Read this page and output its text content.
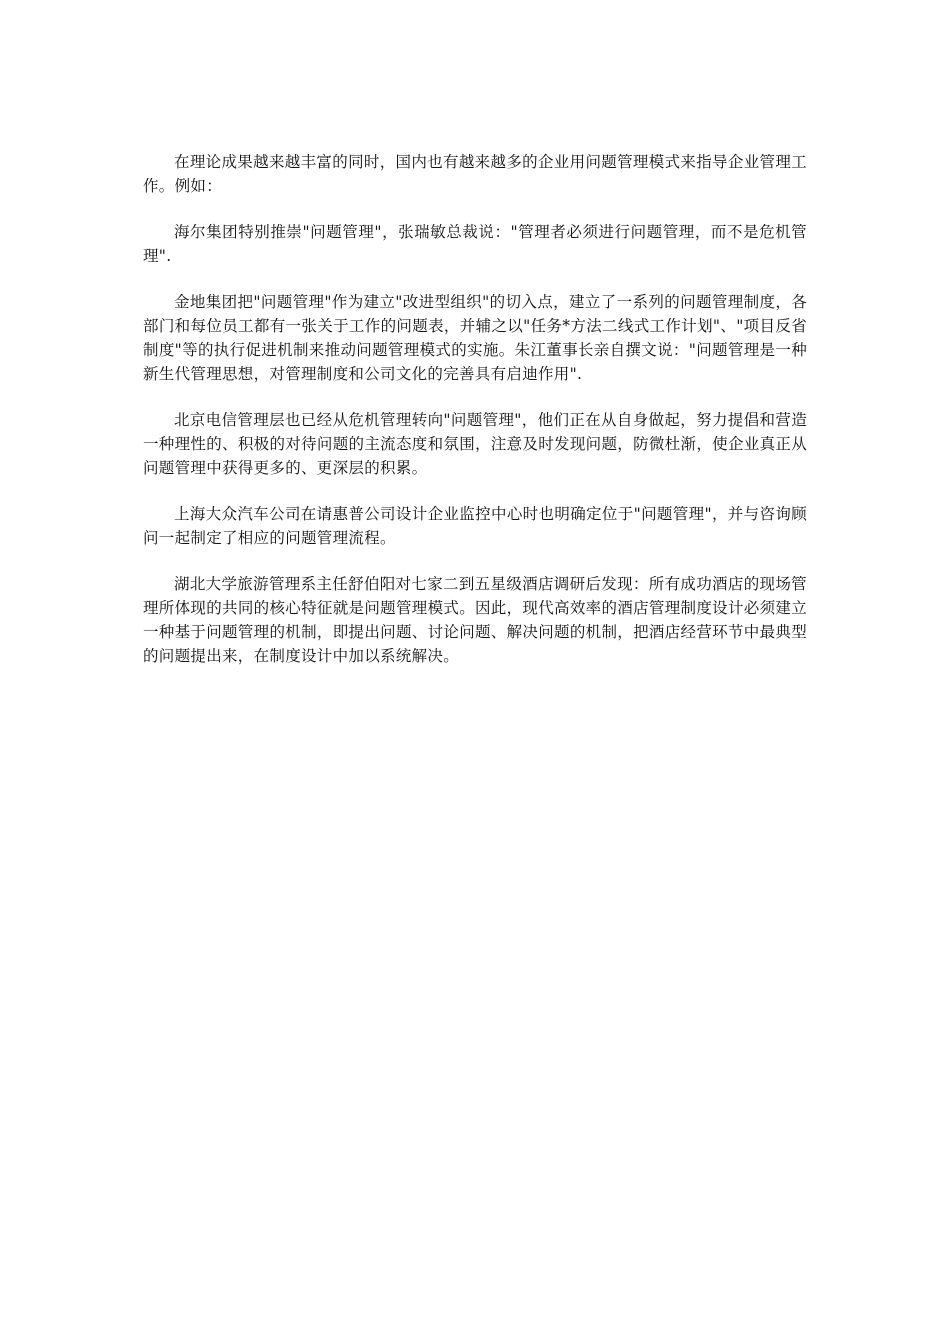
在理论成果越来越丰富的同时，国内也有越来越多的企业用问题管理模式来指导企业管理工作。例如：

海尔集团特别推崇"问题管理"，张瑞敏总裁说："管理者必须进行问题管理，而不是危机管理".

金地集团把"问题管理"作为建立"改进型组织"的切入点，建立了一系列的问题管理制度，各部门和每位员工都有一张关于工作的问题表，并辅之以"任务*方法二线式工作计划"、"项目反省制度"等的执行促进机制来推动问题管理模式的实施。朱江董事长亲自撰文说："问题管理是一种新生代管理思想，对管理制度和公司文化的完善具有启迪作用".

北京电信管理层也已经从危机管理转向"问题管理"，他们正在从自身做起，努力提倡和营造一种理性的、积极的对待问题的主流态度和氛围，注意及时发现问题，防微杜渐，使企业真正从问题管理中获得更多的、更深层的积累。

上海大众汽车公司在请惠普公司设计企业监控中心时也明确定位于"问题管理"，并与咨询顾问一起制定了相应的问题管理流程。

湖北大学旅游管理系主任舒伯阳对七家二到五星级酒店调研后发现：所有成功酒店的现场管理所体现的共同的核心特征就是问题管理模式。因此，现代高效率的酒店管理制度设计必须建立一种基于问题管理的机制，即提出问题、讨论问题、解决问题的机制，把酒店经营环节中最典型的问题提出来，在制度设计中加以系统解决。
